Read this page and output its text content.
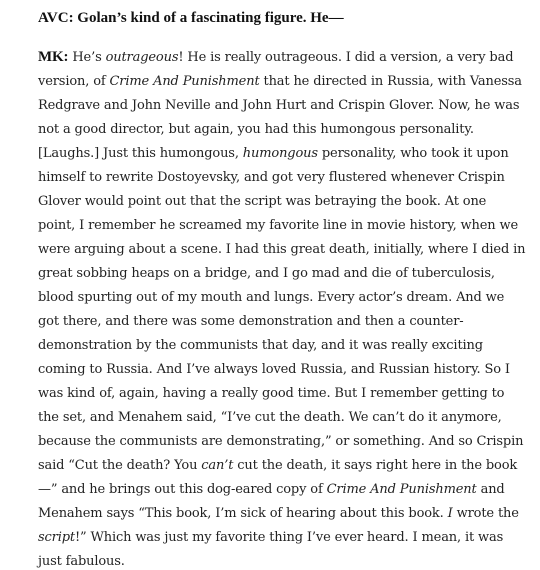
AVC: Golan’s kind of a fascinating figure. He—

MK: He’s outrageous! He is really outrageous. I did a version, a very bad version, of Crime And Punishment that he directed in Russia, with Vanessa Redgrave and John Neville and John Hurt and Crispin Glover. Now, he was not a good director, but again, you had this humongous personality. [Laughs.] Just this humongous, humongous personality, who took it upon himself to rewrite Dostoyevsky, and got very flustered whenever Crispin Glover would point out that the script was betraying the book. At one point, I remember he screamed my favorite line in movie history, when we were arguing about a scene. I had this great death, initially, where I died in great sobbing heaps on a bridge, and I go mad and die of tuberculosis, blood spurting out of my mouth and lungs. Every actor’s dream. And we got there, and there was some demonstration and then a counter-demonstration by the communists that day, and it was really exciting coming to Russia. And I’ve always loved Russia, and Russian history. So I was kind of, again, having a really good time. But I remember getting to the set, and Menahem said, “I’ve cut the death. We can’t do it anymore, because the communists are demonstrating,” or something. And so Crispin said “Cut the death? You can’t cut the death, it says right here in the book—” and he brings out this dog-eared copy of Crime And Punishment and Menahem says “This book, I’m sick of hearing about this book. I wrote the script!” Which was just my favorite thing I’ve ever heard. I mean, it was just fabulous.
